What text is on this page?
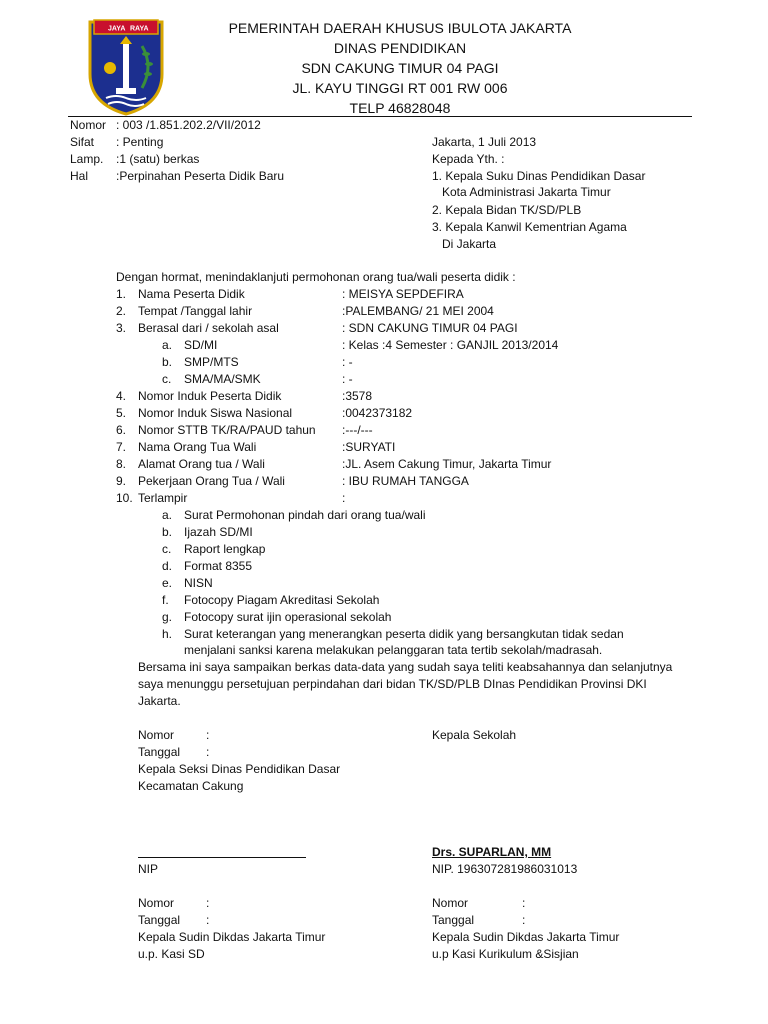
JAYA RAYA	PEMERINTAH DAERAH KHUSUS IBULOTA JAKARTA
DINAS PENDIDIKAN
SDN CAKUNG TIMUR 04 PAGI
JL. KAYU TINGGI RT 001 RW 006
TELP 46828048
Nomor : 003 /1.851.202.2/VII/2012
Sifat : Penting
Lamp. :1 (satu) berkas
Hal :Perpinahan Peserta Didik Baru
Jakarta, 1 Juli 2013
Kepada Yth. :
1. Kepala Suku Dinas Pendidikan Dasar
Kota Administrasi Jakarta Timur
2. Kepala Bidan TK/SD/PLB
3. Kepala Kanwil Kementrian Agama
Di Jakarta
Dengan hormat, menindaklanjuti permohonan orang tua/wali peserta didik :
1. Nama Peserta Didik	: MEISYA SEPDEFIRA
2. Tempat /Tanggal lahir	:PALEMBANG/ 21 MEI 2004
3. Berasal dari / sekolah asal	: SDN CAKUNG TIMUR 04 PAGI
a. SD/MI	: Kelas :4 Semester : GANJIL 2013/2014
b. SMP/MTS	: -
c. SMA/MA/SMK	: -
4. Nomor Induk Peserta Didik	:3578
5. Nomor Induk Siswa Nasional	:0042373182
6. Nomor STTB TK/RA/PAUD tahun :---/---
7. Nama Orang Tua Wali	:SURYATI
8. Alamat Orang tua / Wali	:JL. Asem Cakung Timur, Jakarta Timur
9. Pekerjaan Orang Tua / Wali	: IBU RUMAH TANGGA
10. Terlampir	:
a. Surat Permohonan pindah dari orang tua/wali
b. Ijazah SD/MI
c. Raport lengkap
d. Format 8355
e. NISN
f. Fotocopy Piagam Akreditasi Sekolah
g. Fotocopy surat ijin operasional sekolah
h. Surat keterangan yang menerangkan peserta didik yang bersangkutan tidak sedan
menjalani sanksi karena melakukan pelanggaran tata tertib sekolah/madrasah.
Bersama ini saya sampaikan berkas data-data yang sudah saya teliti keabsahannya dan selanjutnya
saya menunggu persetujuan perpindahan dari bidan TK/SD/PLB DInas Pendidikan Provinsi DKI
Jakarta.
Nomor	:
Tanggal :
Kepala Seksi Dinas Pendidikan Dasar
Kecamatan Cakung
NIP
Kepala Sekolah
Drs. SUPARLAN, MM
NIP. 196307281986031013
Nomor	:
Tanggal :
Kepala Sudin Dikdas Jakarta Timur
u.p. Kasi SD
Nomor	:
Tanggal	:
Kepala Sudin Dikdas Jakarta Timur
u.p Kasi Kurikulum &Sisjian
